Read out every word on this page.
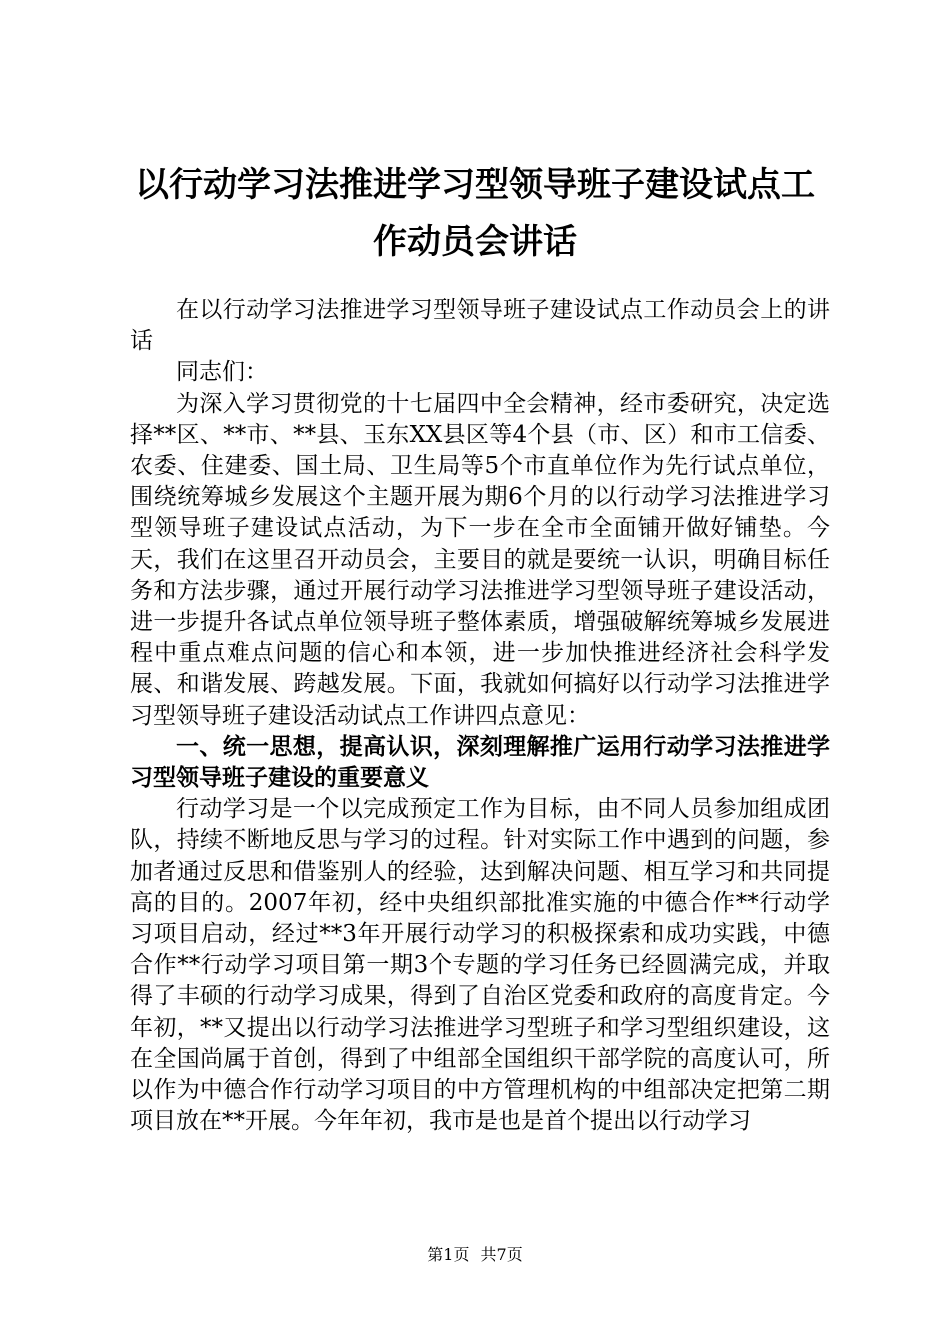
以行动学习法推进学习型领导班子建设试点工
作动员会讲话

在以行动学习法推进学习型领导班子建设试点工作动员会上的讲话

同志们：

为深入学习贯彻党的十七届四中全会精神，经市委研究，决定选择**区、**市、**县、玉东XX县区等4个县（市、区）和市工信委、农委、住建委、国土局、卫生局等5个市直单位作为先行试点单位，围绕统筹城乡发展这个主题开展为期6个月的以行动学习法推进学习型领导班子建设试点活动，为下一步在全市全面铺开做好铺垫。今天，我们在这里召开动员会，主要目的就是要统一认识，明确目标任务和方法步骤，通过开展行动学习法推进学习型领导班子建设活动，进一步提升各试点单位领导班子整体素质，增强破解统筹城乡发展进程中重点难点问题的信心和本领，进一步加快推进经济社会科学发展、和谐发展、跨越发展。下面，我就如何搞好以行动学习法推进学习型领导班子建设活动试点工作讲四点意见：

一、统一思想，提高认识，深刻理解推广运用行动学习法推进学习型领导班子建设的重要意义

行动学习是一个以完成预定工作为目标，由不同人员参加组成团队，持续不断地反思与学习的过程。针对实际工作中遇到的问题，参加者通过反思和借鉴别人的经验，达到解决问题、相互学习和共同提高的目的。2007年初，经中央组织部批准实施的中德合作**行动学习项目启动，经过**3年开展行动学习的积极探索和成功实践，中德合作**行动学习项目第一期3个专题的学习任务已经圆满完成，并取得了丰硕的行动学习成果，得到了自治区党委和政府的高度肯定。今年初，**又提出以行动学习法推进学习型班子和学习型组织建设，这在全国尚属于首创，得到了中组部全国组织干部学院的高度认可，所以作为中德合作行动学习项目的中方管理机构的中组部决定把第二期项目放在**开展。今年年初，我市是也是首个提出以行动学习

第1页 共7页
